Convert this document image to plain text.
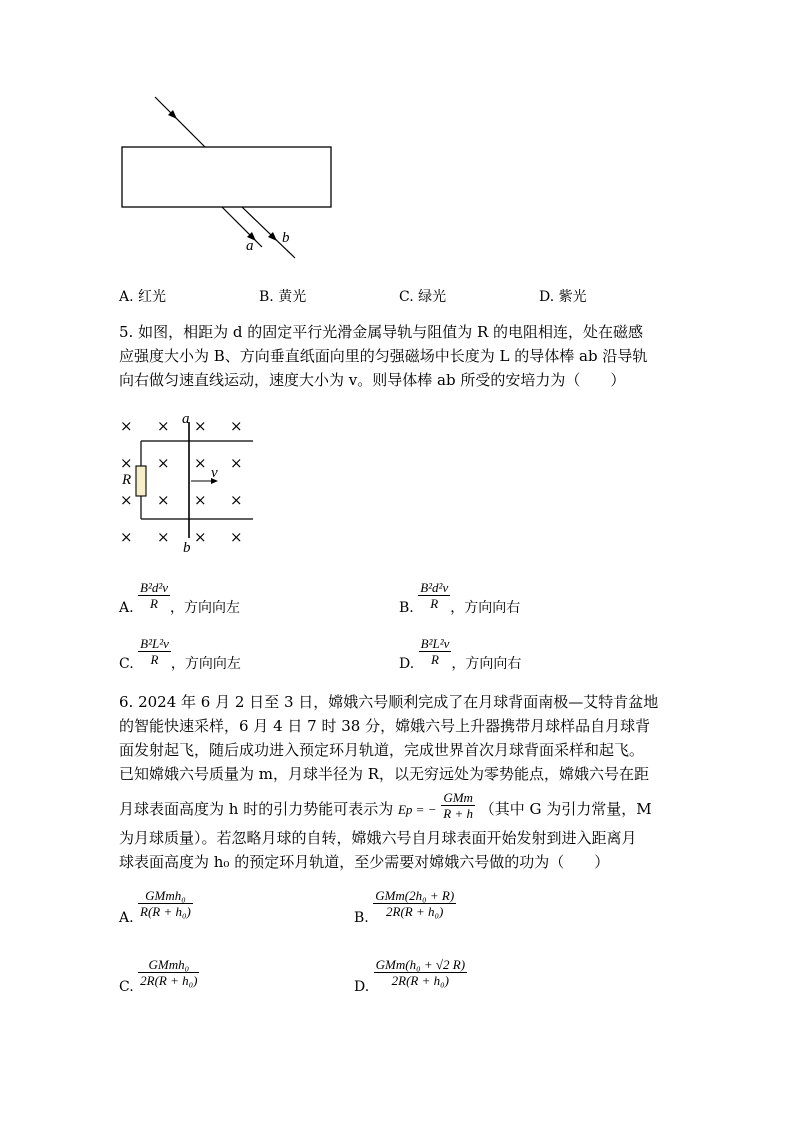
a b
A. 红光	B. 黄光	C. 绿光	D. 紫光
5. 如图，相距为 d 的固定平行光滑金属导轨与阻值为 R 的电阻相连，处在磁感
应强度大小为 B、方向垂直纸面向里的匀强磁场中长度为 L 的导体棒 ab 沿导轨
向右做匀速直线运动，速度大小为 v。则导体棒 ab 所受的安培力为（　　）
× × × ×
× × × ×
× × × ×
× × × ×
a
b
R	v
A. $\frac{\text{B²d²v}}{R}$ ，方向向左	B. $\frac{\text{B²d²v}}{R}$ ，方向向右
C. $\frac{\text{B²L²v}}{R}$ ，方向向左	D. $\frac{\text{B²L²v}}{R}$ ，方向向右
6. 2024 年 6 月 2 日至 3 日，嫦娥六号顺利完成了在月球背面南极—艾特肯盆地
的智能快速采样，6 月 4 日 7 时 38 分，嫦娥六号上升器携带月球样品自月球背
面发射起飞，随后成功进入预定环月轨道，完成世界首次月球背面采样和起飞。
已知嫦娥六号质量为 m，月球半径为 R，以无穷远处为零势能点，嫦娥六号在距
月球表面高度为 h 时的引力势能可表示为 Ep = − $\frac{\text{GMm}}{R + h}$ （其中 G 为引力常量，M
为月球质量）。若忽略月球的自转，嫦娥六号自月球表面开始发射到进入距离月
球表面高度为 h₀ 的预定环月轨道，至少需要对嫦娥六号做的功为（　　）
A. $\frac{\text{GMmh₀}}{\text{R(R + h₀)}}$	B. $\frac{\text{GMm(2h₀ + R)}}{\text{2R(R + h₀)}}$
C. $\frac{\text{GMmh₀}}{\text{2R(R + h₀)}}$	D. $\frac{\text{GMm(h₀ + √2 R)}}{\text{2R(R + h₀)}}$
